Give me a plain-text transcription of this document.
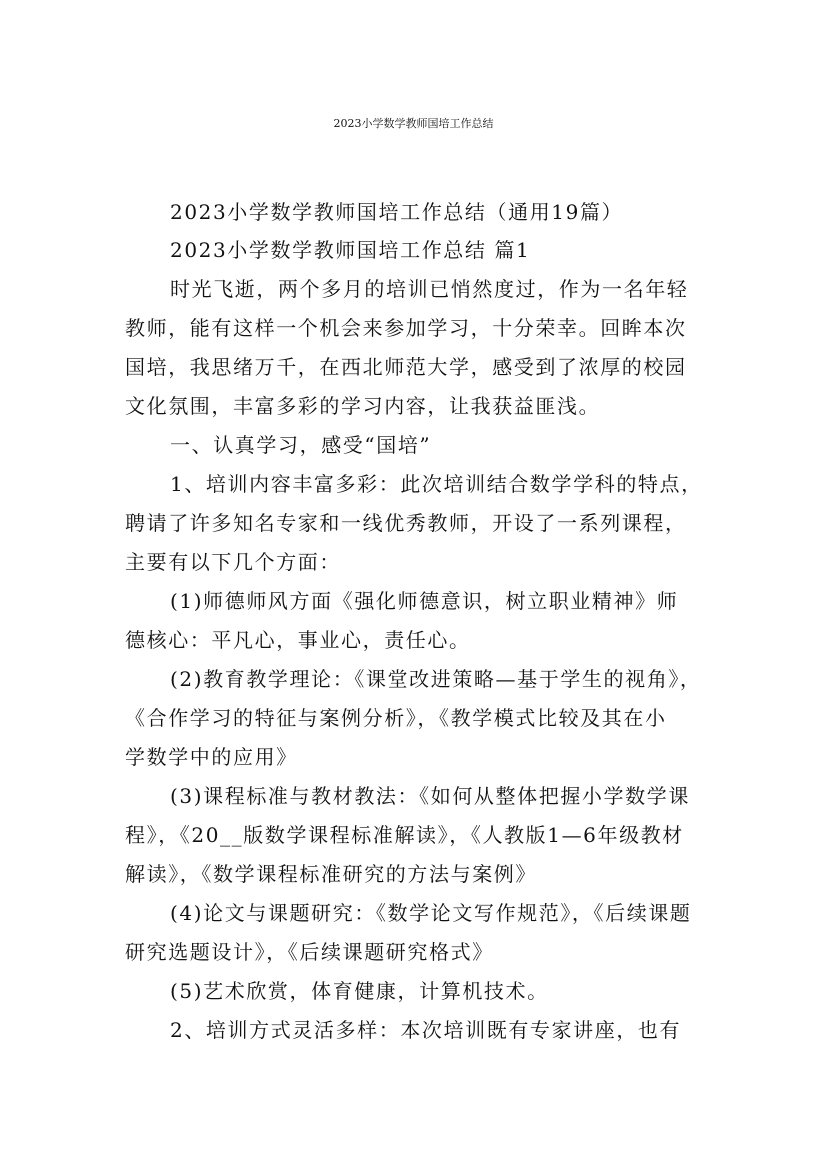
2023小学数学教师国培工作总结
2023小学数学教师国培工作总结（通用19篇）
2023小学数学教师国培工作总结 篇1
时光飞逝，两个多月的培训已悄然度过，作为一名年轻
教师，能有这样一个机会来参加学习，十分荣幸。回眸本次
国培，我思绪万千，在西北师范大学，感受到了浓厚的校园
文化氛围，丰富多彩的学习内容，让我获益匪浅。
一、认真学习，感受“国培”
1、培训内容丰富多彩：此次培训结合数学学科的特点，
聘请了许多知名专家和一线优秀教师，开设了一系列课程，
主要有以下几个方面：
(1)师德师风方面《强化师德意识，树立职业精神》师
德核心：平凡心，事业心，责任心。
(2)教育教学理论：《课堂改进策略—基于学生的视角》，
《合作学习的特征与案例分析》，《教学模式比较及其在小
学数学中的应用》
(3)课程标准与教材教法：《如何从整体把握小学数学课
程》，《20__版数学课程标准解读》，《人教版1—6年级教材
解读》，《数学课程标准研究的方法与案例》
(4)论文与课题研究：《数学论文写作规范》，《后续课题
研究选题设计》，《后续课题研究格式》
(5)艺术欣赏，体育健康，计算机技术。
2、培训方式灵活多样：本次培训既有专家讲座，也有
